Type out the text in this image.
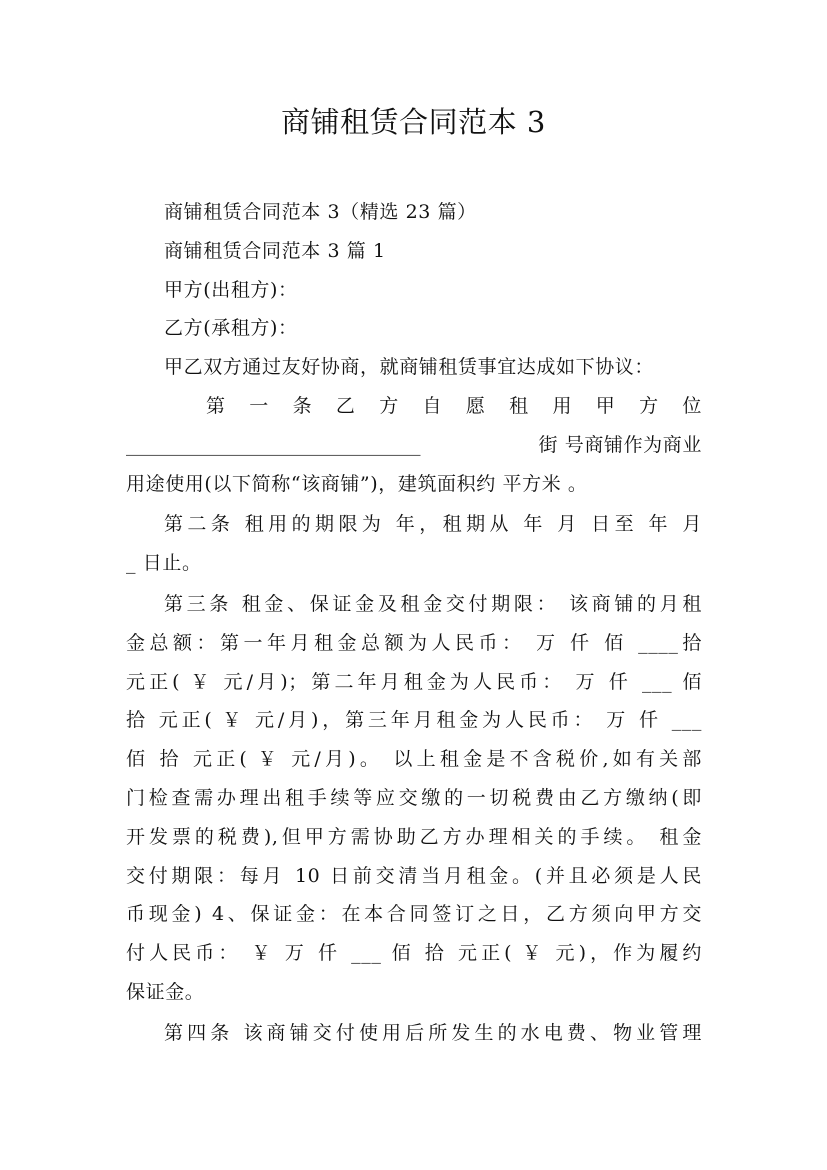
商铺租赁合同范本 3

商铺租赁合同范本 3（精选 23 篇）

商铺租赁合同范本 3 篇 1

甲方(出租方)：

乙方(承租方)：

甲乙双方通过友好协商，就商铺租赁事宜达成如下协议：

第 一 条 乙 方 自 愿 租 用 甲 方 位
_______________________________	街 号商铺作为商业
用途使用(以下简称“该商铺”)，建筑面积约 平方米 。
第二条 租用的期限为 年，租期从 年 月 日至 年 月
_ 日止。
第三条 租金、保证金及租金交付期限： 该商铺的月租
金总额：第一年月租金总额为人民币： 万 仟 佰 ____拾
元正( ￥ 元/月)；第二年月租金为人民币： 万 仟 ___ 佰
拾 元正( ￥ 元/月)，第三年月租金为人民币： 万 仟 ___
佰 拾 元正( ￥ 元/月)。 以上租金是不含税价,如有关部
门检查需办理出租手续等应交缴的一切税费由乙方缴纳(即
开发票的税费),但甲方需协助乙方办理相关的手续。 租金
交付期限：每月 10 日前交清当月租金。(并且必须是人民
币现金) 4、保证金：在本合同签订之日，乙方须向甲方交
付人民币： ￥ 万 仟 ___ 佰 拾 元正( ￥ 元)，作为履约
保证金。
第四条 该商铺交付使用后所发生的水电费、物业管理
